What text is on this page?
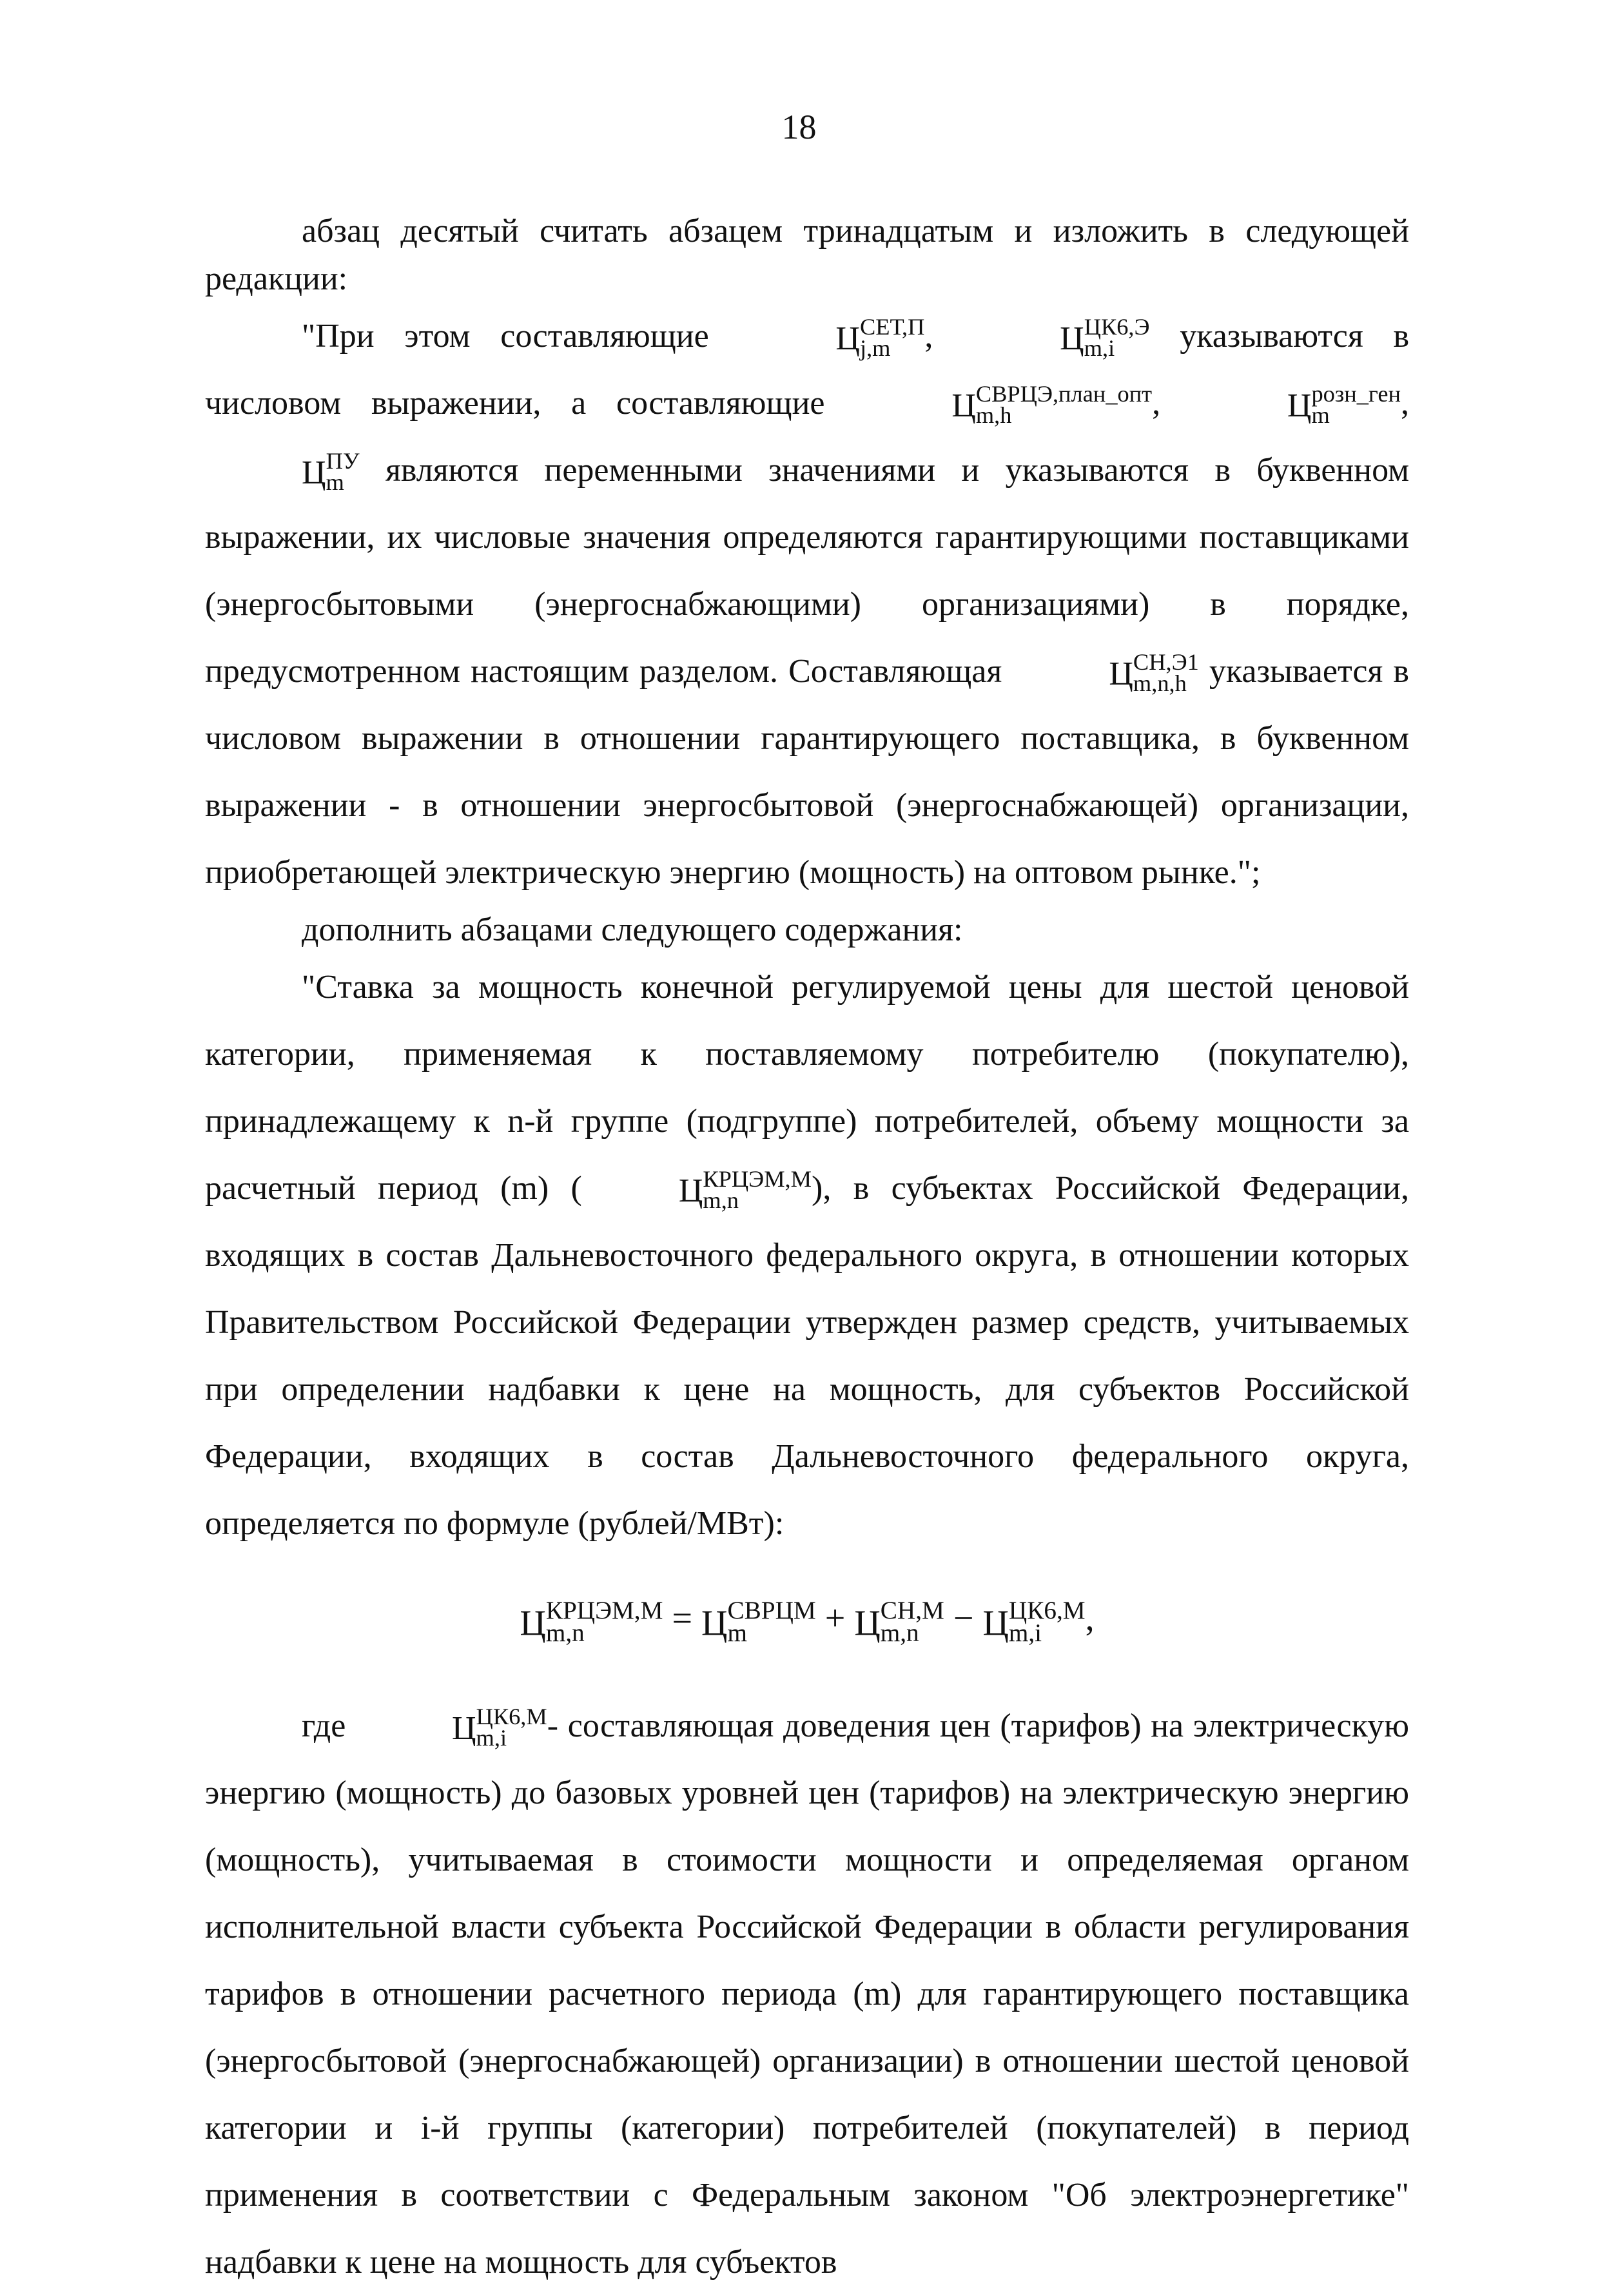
18

абзац десятый считать абзацем тринадцатым и изложить в следующей редакции:

"При этом составляющие	Ц СЕТ,П
j,m	,	Ц ЦК6,Э
m,i	указываются в числовом выражении, а составляющие	Ц СВРЦЭ,план_опт
m,h	,	Ц розн_ген
m	, Ц ПУ
m являются переменными значениями и указываются в буквенном выражении, их числовые значения определяются гарантирующими поставщиками (энергосбытовыми (энергоснабжающими) организациями) в порядке, предусмотренном настоящим разделом. Составляющая	Ц СН,Э1
m,n,h указывается в числовом выражении в отношении гарантирующего поставщика, в буквенном выражении - в отношении энергосбытовой (энергоснабжающей) организации, приобретающей электрическую энергию (мощность) на оптовом рынке.";

дополнить абзацами следующего содержания:

"Ставка за мощность конечной регулируемой цены для шестой ценовой категории, применяемая к поставляемому потребителю (покупателю), принадлежащему к n-й группе (подгруппе) потребителей, объему мощности за расчетный период (m) (	Ц КРЦЭМ,М
m,n	), в субъектах Российской Федерации, входящих в состав Дальневосточного федерального округа, в отношении которых Правительством Российской Федерации утвержден размер средств, учитываемых при определении надбавки к цене на мощность, для субъектов Российской Федерации, входящих в состав Дальневосточного федерального округа, определяется по формуле (рублей/МВт):

Ц КРЦЭМ,М
m,n	= Ц СВРЦМ
m	+ Ц СН,М
m,n − Ц ЦК6,М
m,i	,

где	Ц ЦК6,М
m,i	- составляющая доведения цен (тарифов) на электрическую энергию (мощность) до базовых уровней цен (тарифов) на электрическую энергию (мощность), учитываемая в стоимости мощности и определяемая органом исполнительной власти субъекта Российской Федерации в области регулирования тарифов в отношении расчетного периода (m) для гарантирующего поставщика (энергосбытовой (энергоснабжающей) организации) в отношении шестой ценовой категории и i-й группы (категории) потребителей (покупателей) в период применения в соответствии с Федеральным законом "Об электроэнергетике" надбавки к цене на мощность для субъектов
